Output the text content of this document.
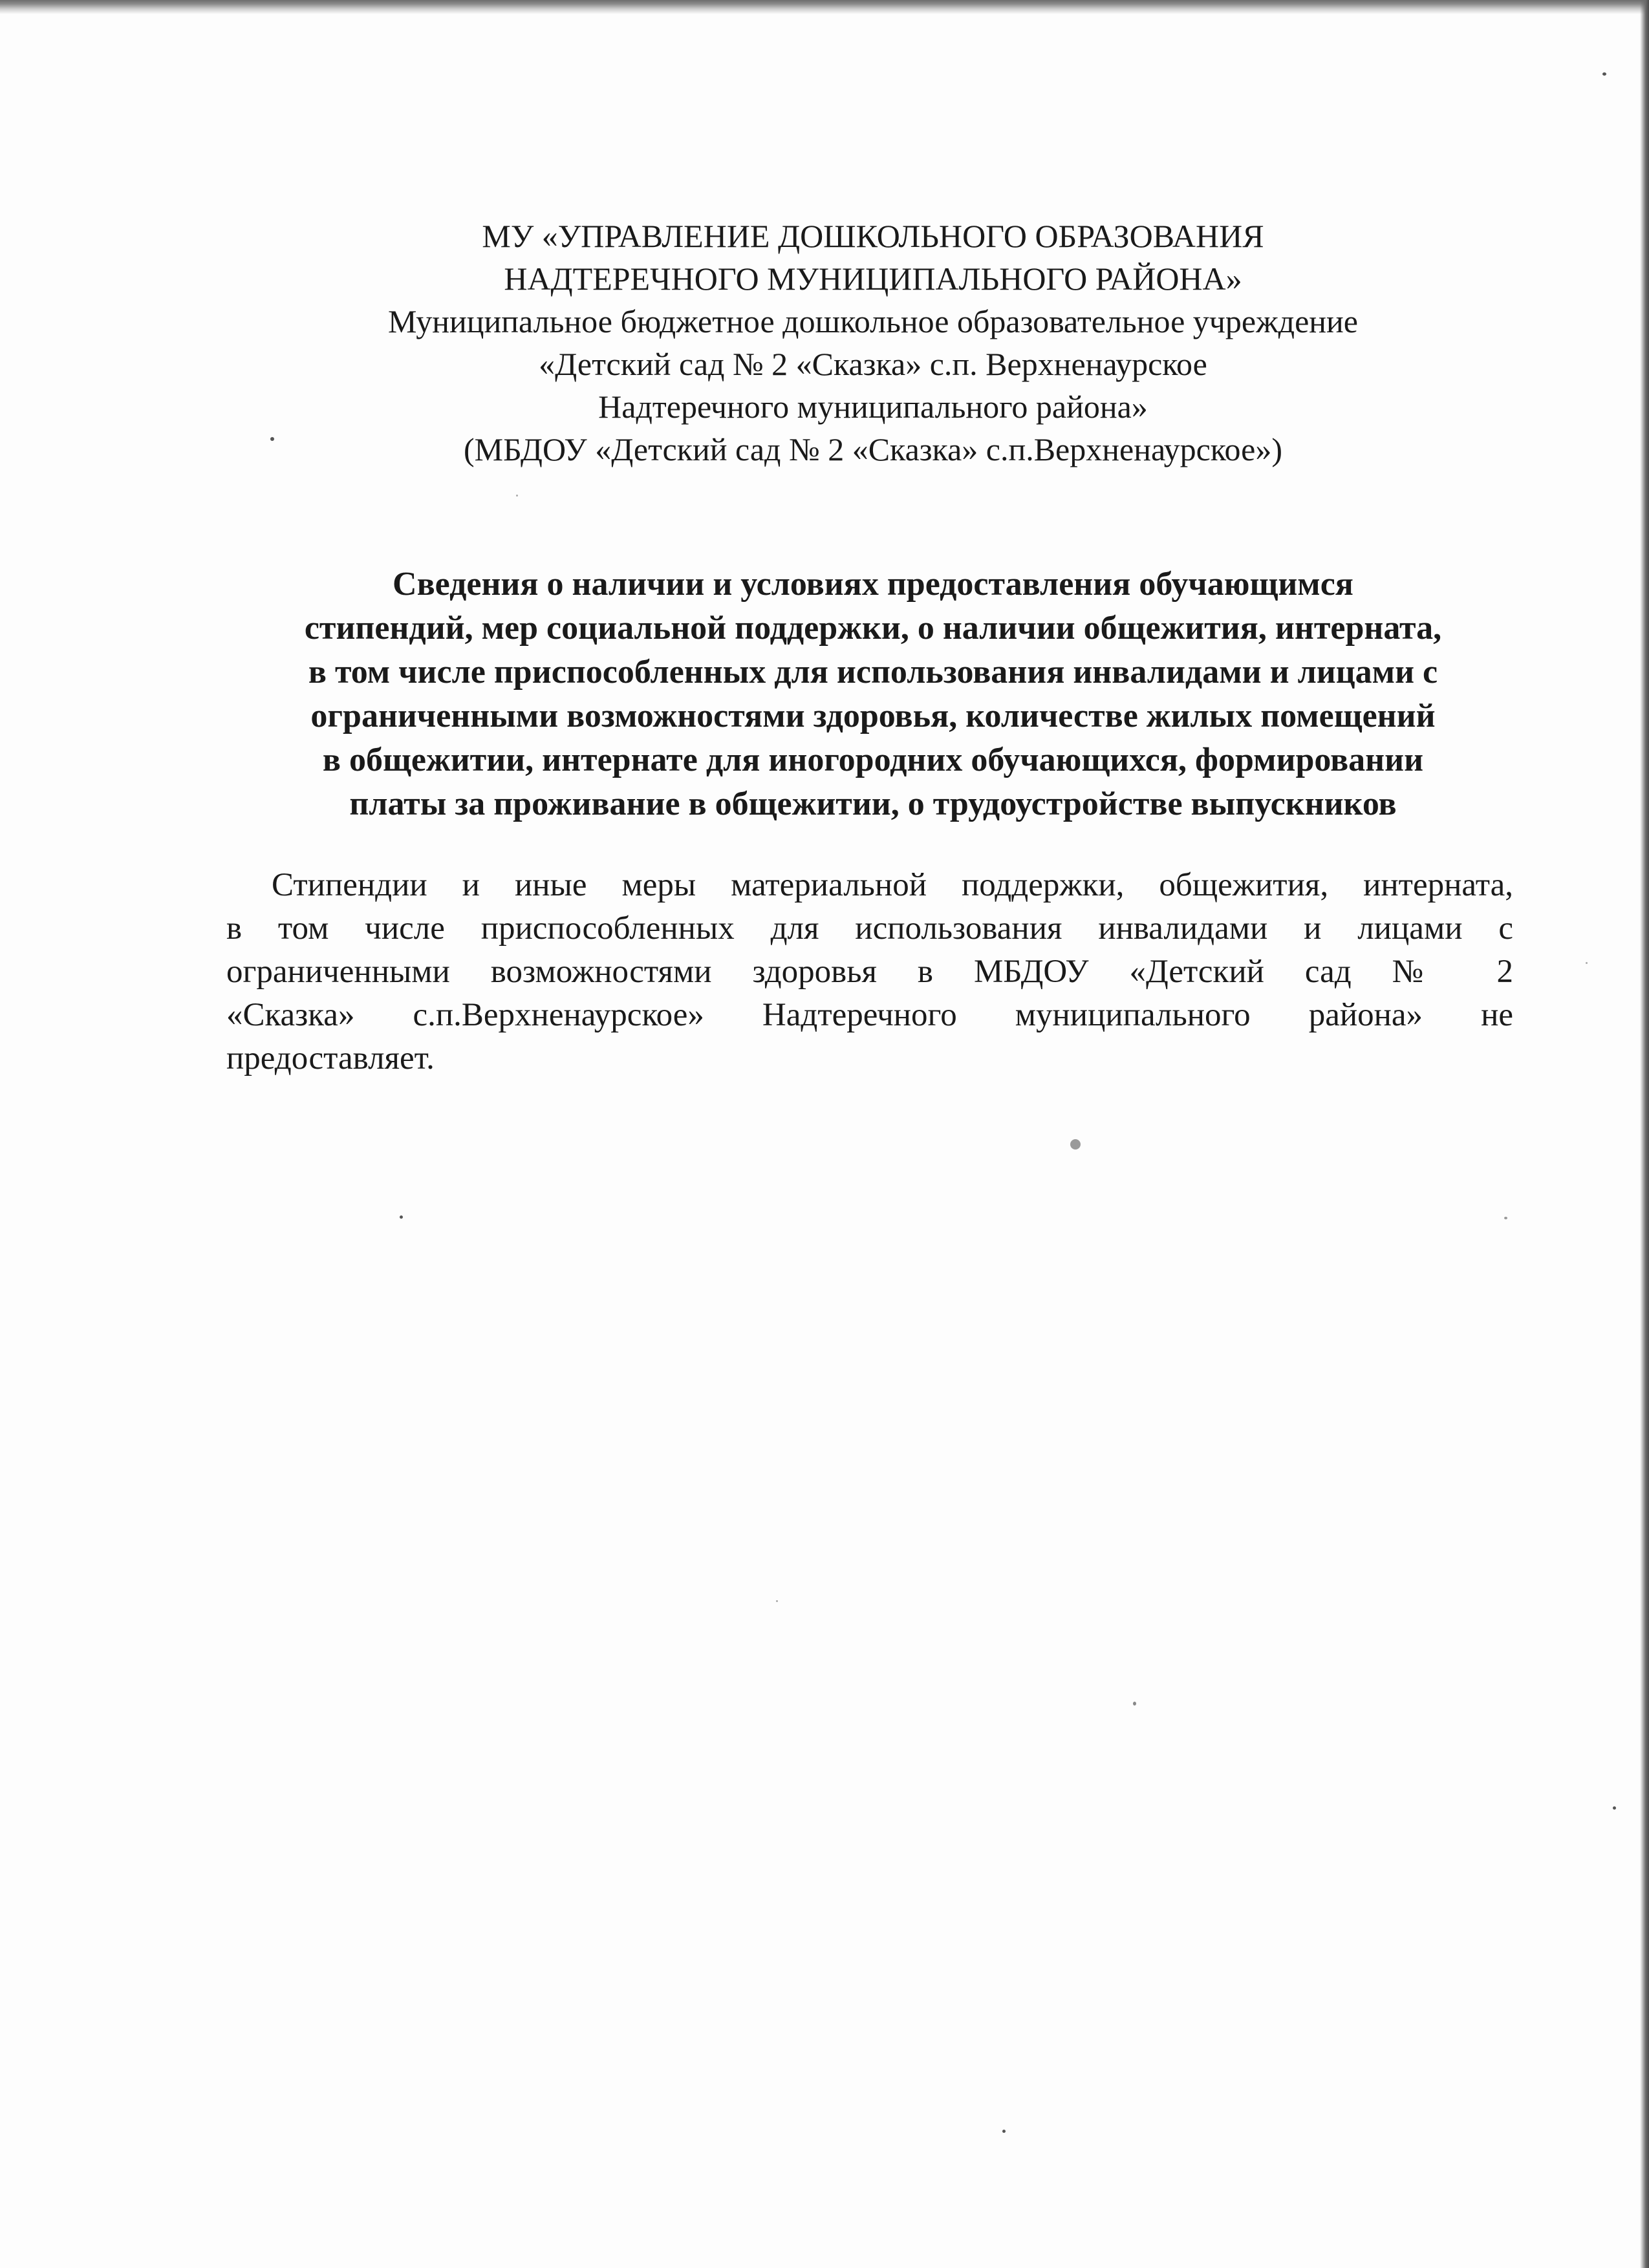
МУ «УПРАВЛЕНИЕ ДОШКОЛЬНОГО ОБРАЗОВАНИЯ
НАДТЕРЕЧНОГО МУНИЦИПАЛЬНОГО РАЙОНА»
Муниципальное бюджетное дошкольное образовательное учреждение
«Детский сад № 2 «Сказка» с.п. Верхненаурское
Надтеречного муниципального района»
(МБДОУ «Детский сад № 2 «Сказка» с.п.Верхненаурское»)
Сведения о наличии и условиях предоставления обучающимся
стипендий, мер социальной поддержки, о наличии общежития, интерната,
в том числе приспособленных для использования инвалидами и лицами с
ограниченными возможностями здоровья, количестве жилых помещений
в общежитии, интернате для иногородних обучающихся, формировании
платы за проживание в общежитии, о трудоустройстве выпускников
Стипендии и иные меры материальной поддержки, общежития, интерната,
в том числе приспособленных для использования инвалидами и лицами с
ограниченными возможностями здоровья в МБДОУ «Детский сад № 2
«Сказка» с.п.Верхненаурское» Надтеречного муниципального района» не
предоставляет.
